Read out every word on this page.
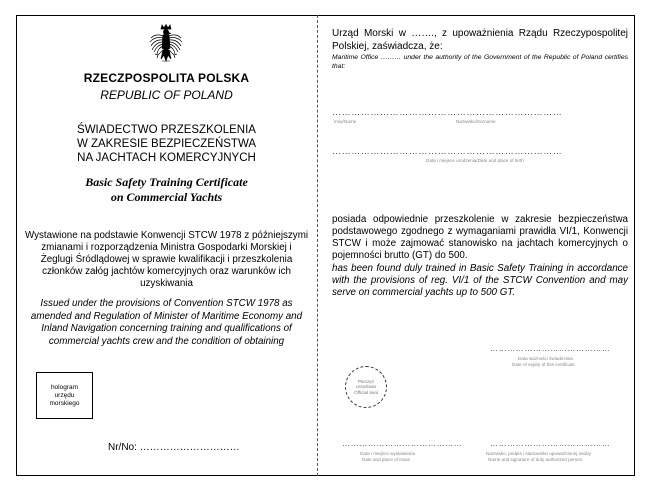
RZECZPOSPOLITA POLSKA
REPUBLIC OF POLAND
ŚWIADECTWO PRZESZKOLENIA
W ZAKRESIE BEZPIECZEŃSTWA
NA JACHTACH KOMERCYJNYCH
Basic Safety Training Certificate
on Commercial Yachts
Wystawione na podstawie Konwencji STCW 1978 z późniejszymi zmianami i rozporządzenia Ministra Gospodarki Morskiej i Żeglugi Śródlądowej w sprawie kwalifikacji i przeszkolenia członków załóg jachtów komercyjnych oraz warunków ich uzyskiwania
Issued under the provisions of Convention STCW 1978 as amended and Regulation of Minister of Maritime Economy and Inland Navigation concerning training and qualifications of commercial yachts crew and the condition of obtaining
hologram urzędu morskiego
Nr/No: …………………………
Urząd Morski w ……., z upoważnienia Rządu Rzeczypospolitej Polskiej, zaświadcza, że:
Maritime Office ……… under the authority of the Government of the Republic of Poland certifies that:
………………………………………………………………
Imię/Name	Nazwisko/Surname
………………………………………………………………
Data i miejsce urodzenia/Date and place of birth
posiada odpowiednie przeszkolenie w zakresie bezpieczeństwa podstawowego zgodnego z wymaganiami prawidła VI/1, Konwencji STCW i może zajmować stanowisko na jachtach komercyjnych o pojemności brutto (GT) do 500.
has been found duly trained in Basic Safety Training in accordance with the provisions of reg. VI/1 of the STCW Convention and may serve on commercial yachts up to 500 GT.
……………………………………
Data ważności świadectwa
Date of expiry of this certificate
……………………………………
Data i miejsce wystawienia
Date and place of issue
……………………………………
Nazwisko, podpis i stanowisko upoważnionej osoby
Name and signature of duly authorized person
Pieczęć urzędowa Official seal
